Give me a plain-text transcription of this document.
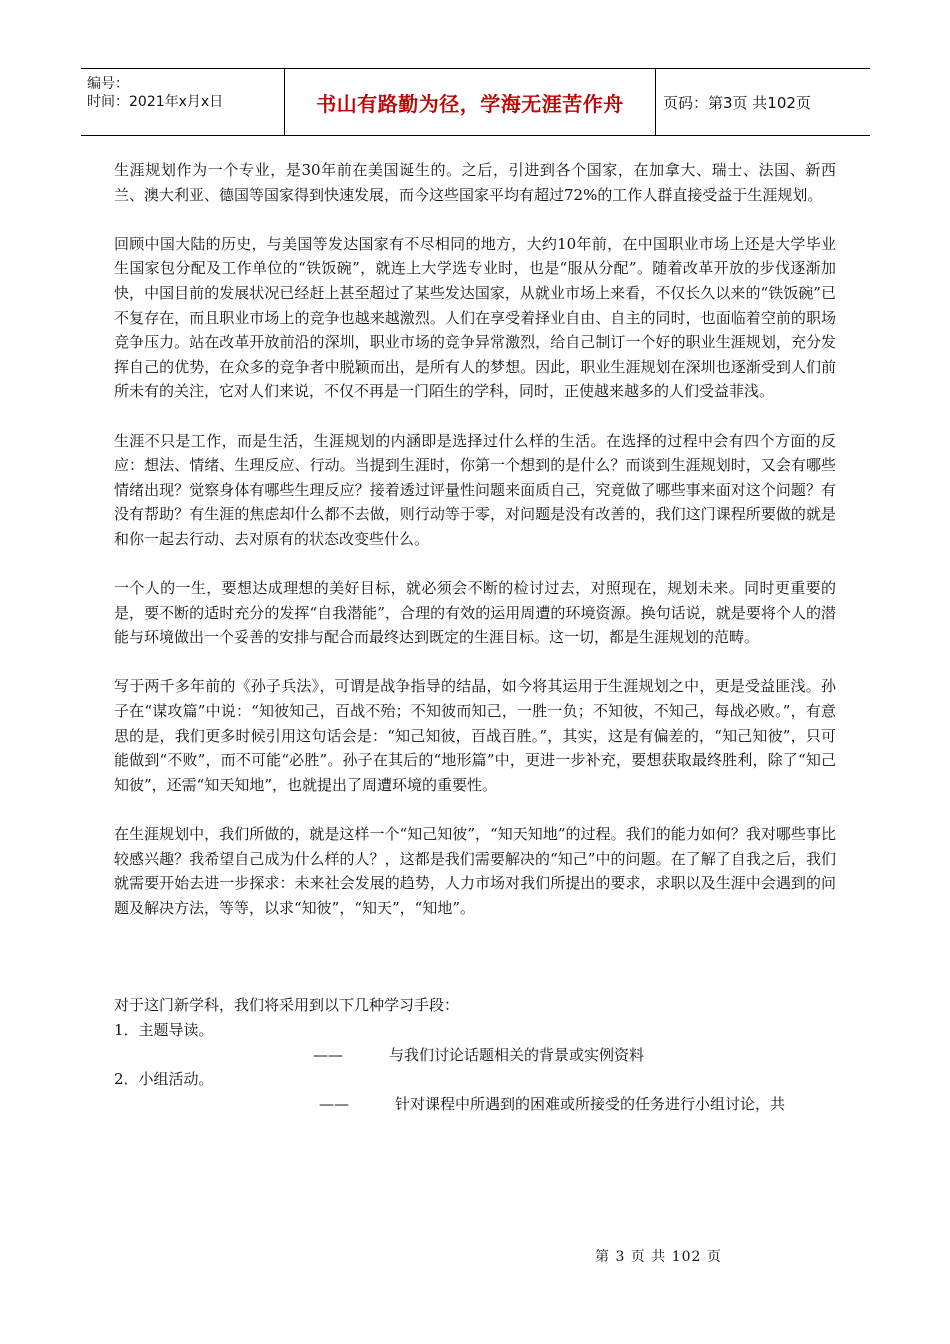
编号：
时间：2021年x月x日	书山有路勤为径，学海无涯苦作舟	页码：第3页 共102页

生涯规划作为一个专业，是30年前在美国诞生的。之后，引进到各个国家，在加拿大、瑞士、法国、新西兰、澳大利亚、德国等国家得到快速发展，而今这些国家平均有超过72%的工作人群直接受益于生涯规划。

回顾中国大陆的历史，与美国等发达国家有不尽相同的地方，大约10年前，在中国职业市场上还是大学毕业生国家包分配及工作单位的“铁饭碗”，就连上大学选专业时，也是“服从分配”。随着改革开放的步伐逐渐加快，中国目前的发展状况已经赶上甚至超过了某些发达国家，从就业市场上来看，不仅长久以来的“铁饭碗”已不复存在，而且职业市场上的竞争也越来越激烈。人们在享受着择业自由、自主的同时，也面临着空前的职场竞争压力。站在改革开放前沿的深圳，职业市场的竞争异常激烈，给自己制订一个好的职业生涯规划，充分发挥自己的优势，在众多的竞争者中脱颖而出，是所有人的梦想。因此，职业生涯规划在深圳也逐渐受到人们前所未有的关注，它对人们来说，不仅不再是一门陌生的学科，同时，正使越来越多的人们受益菲浅。

生涯不只是工作，而是生活，生涯规划的内涵即是选择过什么样的生活。在选择的过程中会有四个方面的反应：想法、情绪、生理反应、行动。当提到生涯时，你第一个想到的是什么？而谈到生涯规划时，又会有哪些情绪出现？觉察身体有哪些生理反应？接着透过评量性问题来面质自己，究竟做了哪些事来面对这个问题？有没有帮助？有生涯的焦虑却什么都不去做，则行动等于零，对问题是没有改善的，我们这门课程所要做的就是和你一起去行动、去对原有的状态改变些什么。

一个人的一生，要想达成理想的美好目标，就必须会不断的检讨过去，对照现在，规划未来。同时更重要的是，要不断的适时充分的发挥“自我潜能”，合理的有效的运用周遭的环境资源。换句话说，就是要将个人的潜能与环境做出一个妥善的安排与配合而最终达到既定的生涯目标。这一切，都是生涯规划的范畴。

写于两千多年前的《孙子兵法》，可谓是战争指导的结晶，如今将其运用于生涯规划之中，更是受益匪浅。孙子在“谋攻篇”中说：“知彼知己，百战不殆；不知彼而知己，一胜一负；不知彼，不知己，每战必败。”，有意思的是，我们更多时候引用这句话会是：“知己知彼，百战百胜。”，其实，这是有偏差的，“知己知彼”，只可能做到“不败”，而不可能“必胜”。孙子在其后的“地形篇”中，更进一步补充，要想获取最终胜利，除了“知己知彼”，还需“知天知地”，也就提出了周遭环境的重要性。

在生涯规划中，我们所做的，就是这样一个“知己知彼”，“知天知地”的过程。我们的能力如何？我对哪些事比较感兴趣？我希望自己成为什么样的人？，这都是我们需要解决的“知己”中的问题。在了解了自我之后，我们就需要开始去进一步探求：未来社会发展的趋势，人力市场对我们所提出的要求，求职以及生涯中会遇到的问题及解决方法，等等，以求“知彼”，“知天”，“知地”。

对于这门新学科，我们将采用到以下几种学习手段：

1．主题导读。

——	与我们讨论话题相关的背景或实例资料

2．小组活动。

——	针对课程中所遇到的困难或所接受的任务进行小组讨论，共

第 3 页 共 102 页
